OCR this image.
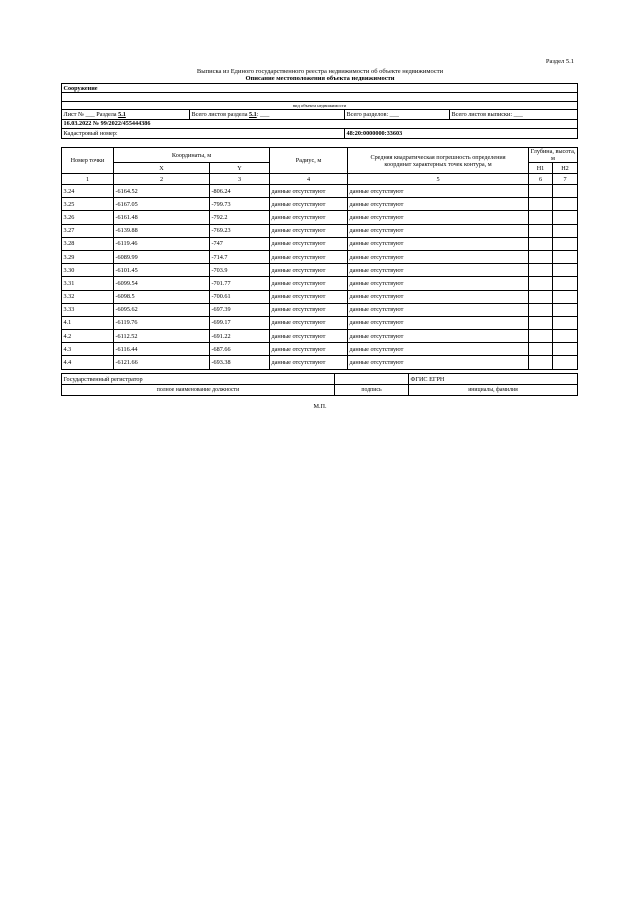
Раздел 5.1
Выписка из Единого государственного реестра недвижимости об объекте недвижимости
Описание местоположения объекта недвижимости
Сооружение			

вид объекта недвижимости			
Лист № ___ Раздела 5.1	Всего листов раздела 5.1: ___	Всего разделов: ___	Всего листов выписки: ___
16.03.2022 № 99/2022/455444386			
Кадастровый номер:		48:20:0000000:33603	
Номер точки	Координаты, м		Радиус, м	Средняя квадратическая погрешность определения координат характерных точек контура, м	Глубина, высота, м	
	X	Y			Н1	Н2
1	2	3	4	5	6	7
3.24	-6164.52	-806.24	данные отсутствуют	данные отсутствуют		
3.25	-6167.05	-799.73	данные отсутствуют	данные отсутствуют		
3.26	-6161.48	-792.2	данные отсутствуют	данные отсутствуют		
3.27	-6139.88	-769.23	данные отсутствуют	данные отсутствуют		
3.28	-6119.46	-747	данные отсутствуют	данные отсутствуют		
3.29	-6089.99	-714.7	данные отсутствуют	данные отсутствуют		
3.30	-6101.45	-703.9	данные отсутствуют	данные отсутствуют		
3.31	-6099.54	-701.77	данные отсутствуют	данные отсутствуют		
3.32	-6098.5	-700.61	данные отсутствуют	данные отсутствуют		
3.33	-6095.62	-697.39	данные отсутствуют	данные отсутствуют		
4.1	-6119.76	-699.17	данные отсутствуют	данные отсутствуют		
4.2	-6112.52	-691.22	данные отсутствуют	данные отсутствуют		
4.3	-6116.44	-687.66	данные отсутствуют	данные отсутствуют		
4.4	-6121.66	-693.38	данные отсутствуют	данные отсутствуют		
Государственный регистратор		ФГИС ЕГРН
полное наименование должности	подпись	инициалы, фамилия
М.П.
